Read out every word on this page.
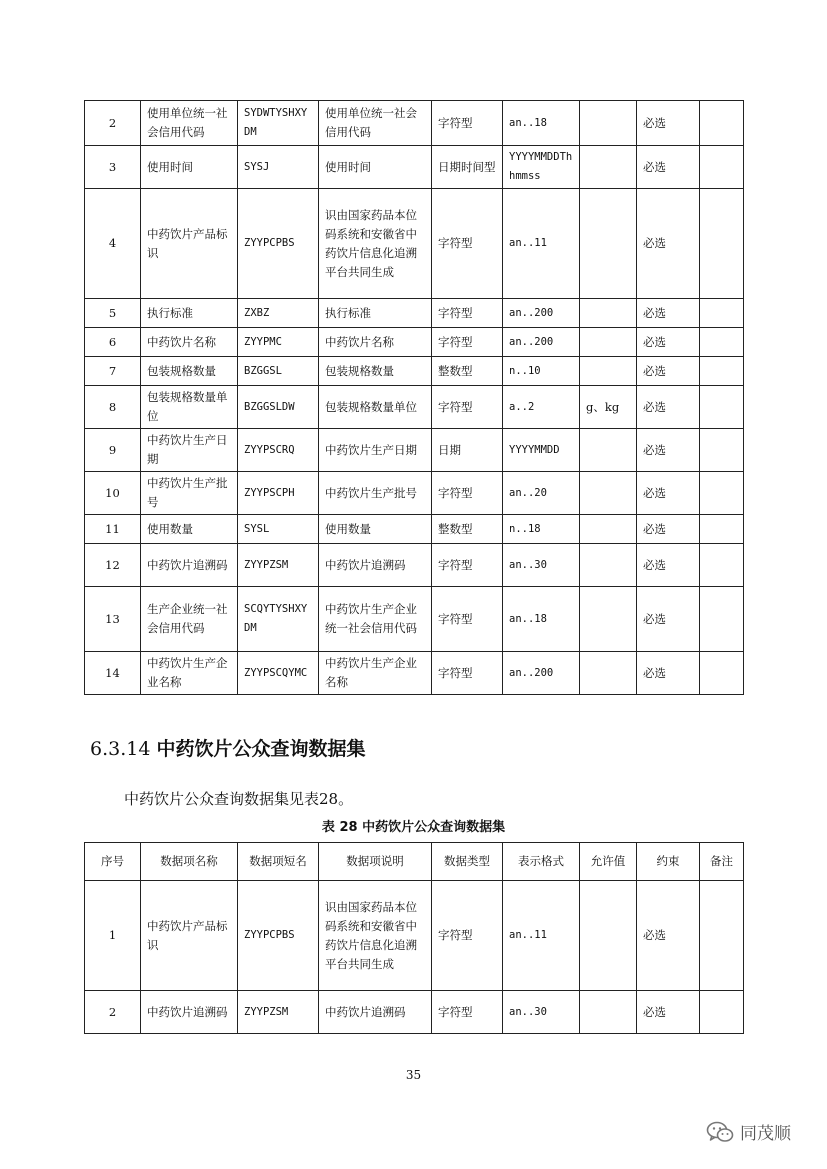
2	使用单位统一社会信用代码	SYDWTYSHXYDM	使用单位统一社会信用代码	字符型	an..18		必选	
3	使用时间	SYSJ	使用时间	日期时间型	YYYYMMDDThhmmss		必选	
4	中药饮片产品标识	ZYYPCPBS	识由国家药品本位码系统和安徽省中药饮片信息化追溯平台共同生成	字符型	an..11		必选	
5	执行标准	ZXBZ	执行标准	字符型	an..200		必选	
6	中药饮片名称	ZYYPMC	中药饮片名称	字符型	an..200		必选	
7	包装规格数量	BZGGSL	包装规格数量	整数型	n..10		必选	
8	包装规格数量单位	BZGGSLDW	包装规格数量单位	字符型	a..2	g、kg	必选	
9	中药饮片生产日期	ZYYPSCRQ	中药饮片生产日期	日期	YYYYMMDD		必选	
10	中药饮片生产批号	ZYYPSCPH	中药饮片生产批号	字符型	an..20		必选	
11	使用数量	SYSL	使用数量	整数型	n..18		必选	
12	中药饮片追溯码	ZYYPZSM	中药饮片追溯码	字符型	an..30		必选	
13	生产企业统一社会信用代码	SCQYTYSHXYDM	中药饮片生产企业统一社会信用代码	字符型	an..18		必选	
14	中药饮片生产企业名称	ZYYPSCQYMC	中药饮片生产企业名称	字符型	an..200		必选	
6.3.14 中药饮片公众查询数据集
中药饮片公众查询数据集见表28。
表 28 中药饮片公众查询数据集
序号	数据项名称	数据项短名	数据项说明	数据类型	表示格式	允许值	约束	备注
1	中药饮片产品标识	ZYYPCPBS	识由国家药品本位码系统和安徽省中药饮片信息化追溯平台共同生成	字符型	an..11		必选	
2	中药饮片追溯码	ZYYPZSM	中药饮片追溯码	字符型	an..30		必选	
35
同茂顺
